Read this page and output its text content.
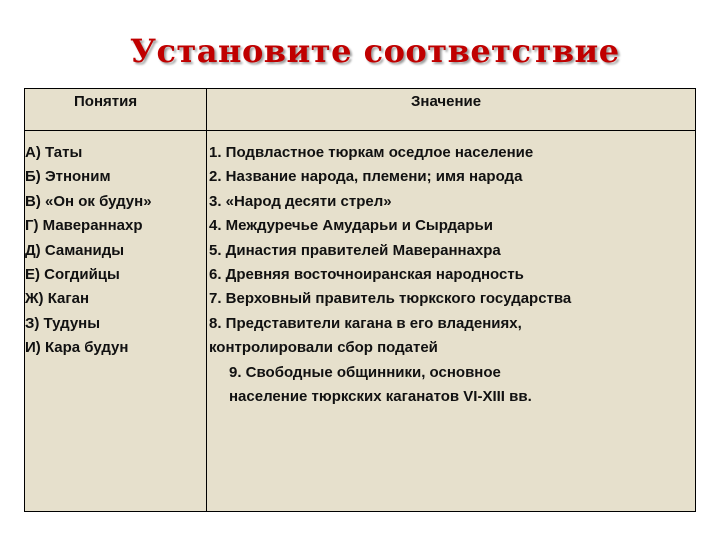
Установите соответствие
Понятия	Значение
А) Таты
Б) Этноним
В) «Он ок будун»
Г) Мавераннахр
Д) Саманиды
Е) Согдийцы
Ж) Каган
З) Тудуны
И) Кара будун
1. Подвластное тюркам оседлое население
2. Название народа, племени; имя народа
3. «Народ десяти стрел»
4. Междуречье Амударьи и Сырдарьи
5. Династия правителей Мавераннахра
6. Древняя восточноиранская народность
7. Верховный правитель тюркского государства
8. Представители кагана в его владениях,
контролировали сбор податей
9. Свободные общинники, основное
население тюркских каганатов VI-XIII вв.
